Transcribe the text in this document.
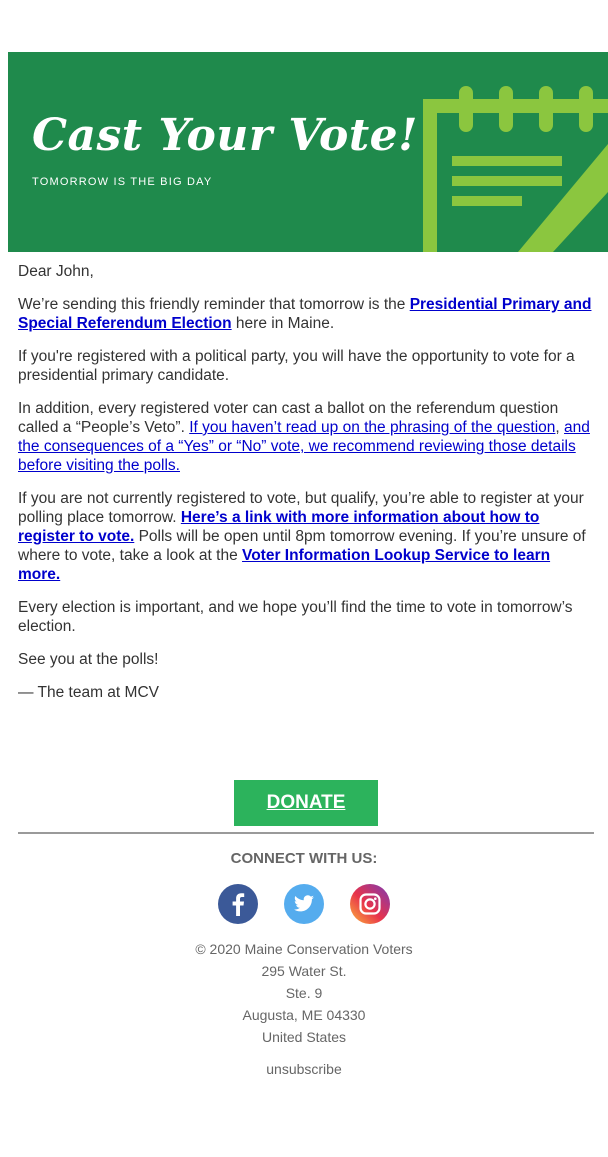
Cast Your Vote!
TOMORROW IS THE BIG DAY

Dear John,

We’re sending this friendly reminder that tomorrow is the Presidential Primary and Special Referendum Election here in Maine.

If you're registered with a political party, you will have the opportunity to vote for a presidential primary candidate.

In addition, every registered voter can cast a ballot on the referendum question called a “People’s Veto”. If you haven’t read up on the phrasing of the question, and the consequences of a “Yes” or “No” vote, we recommend reviewing those details before visiting the polls.

If you are not currently registered to vote, but qualify, you’re able to register at your polling place tomorrow. Here’s a link with more information about how to register to vote. Polls will be open until 8pm tomorrow evening. If you’re unsure of where to vote, take a look at the Voter Information Lookup Service to learn more.

Every election is important, and we hope you’ll find the time to vote in tomorrow’s election.

See you at the polls!

— The team at MCV

DONATE
CONNECT WITH US:

© 2020 Maine Conservation Voters
295 Water St.
Ste. 9
Augusta, ME 04330
United States
unsubscribe
